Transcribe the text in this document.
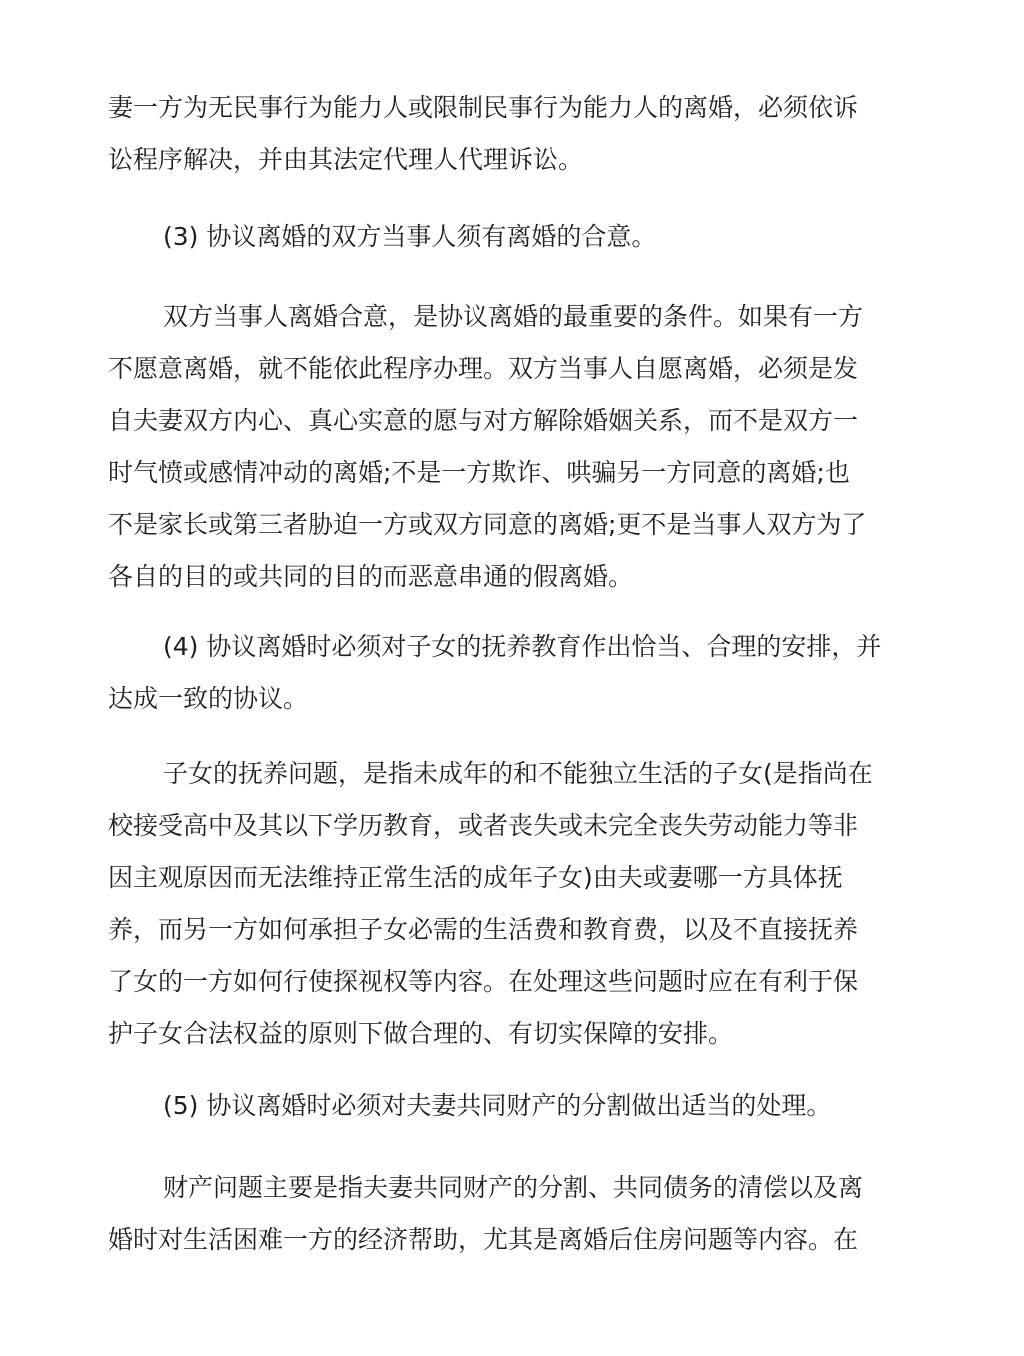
妻一方为无民事行为能力人或限制民事行为能力人的离婚，必须依诉
讼程序解决，并由其法定代理人代理诉讼。
(3) 协议离婚的双方当事人须有离婚的合意。
双方当事人离婚合意，是协议离婚的最重要的条件。如果有一方
不愿意离婚，就不能依此程序办理。双方当事人自愿离婚，必须是发
自夫妻双方内心、真心实意的愿与对方解除婚姻关系，而不是双方一
时气愤或感情冲动的离婚;不是一方欺诈、哄骗另一方同意的离婚;也
不是家长或第三者胁迫一方或双方同意的离婚;更不是当事人双方为了
各自的目的或共同的目的而恶意串通的假离婚。
(4) 协议离婚时必须对子女的抚养教育作出恰当、合理的安排，并
达成一致的协议。
子女的抚养问题，是指未成年的和不能独立生活的子女(是指尚在
校接受高中及其以下学历教育，或者丧失或未完全丧失劳动能力等非
因主观原因而无法维持正常生活的成年子女)由夫或妻哪一方具体抚
养，而另一方如何承担子女必需的生活费和教育费，以及不直接抚养
了女的一方如何行使探视权等内容。在处理这些问题时应在有利于保
护子女合法权益的原则下做合理的、有切实保障的安排。
(5) 协议离婚时必须对夫妻共同财产的分割做出适当的处理。
财产问题主要是指夫妻共同财产的分割、共同债务的清偿以及离
婚时对生活困难一方的经济帮助，尤其是离婚后住房问题等内容。在
